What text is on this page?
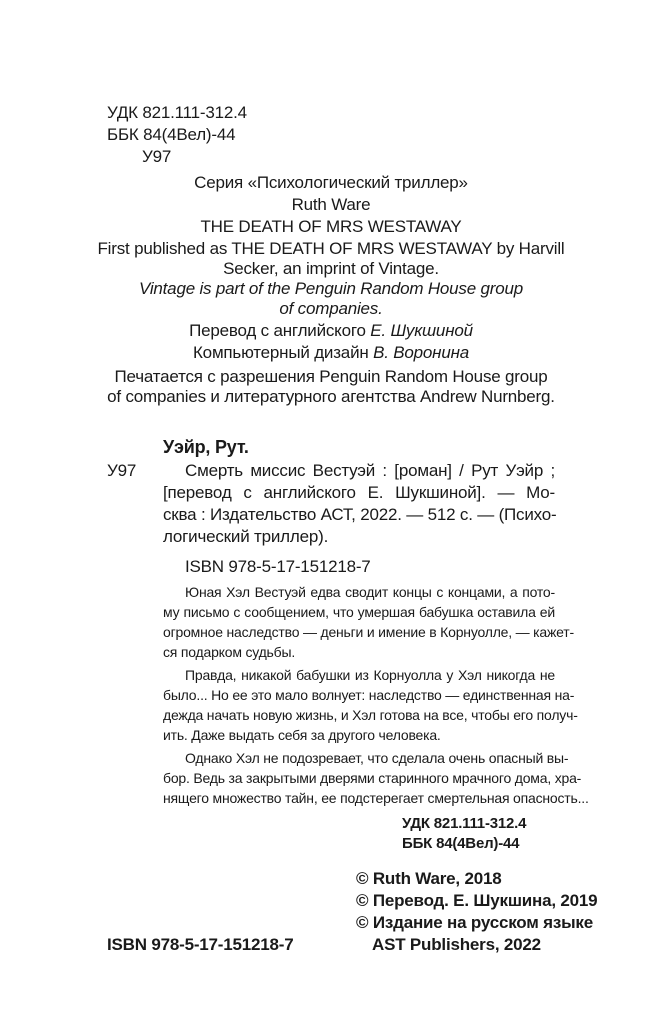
УДК 821.111-312.4
ББК 84(4Вел)-44
У97
Серия «Психологический триллер»
Ruth Ware
THE DEATH OF MRS WESTAWAY
First published as THE DEATH OF MRS WESTAWAY by Harvill
Secker, an imprint of Vintage.
Vintage is part of the Penguin Random House group
of companies.
Перевод с английского Е. Шукшиной
Компьютерный дизайн В. Воронина
Печатается с разрешения Penguin Random House group
of companies и литературного агентства Andrew Nurnberg.
Уэйр, Рут.
У97	Смерть миссис Вестуэй : [роман] / Рут Уэйр ;
[перевод с английского Е. Шукшиной]. — Мо-
сква : Издательство АСТ, 2022. — 512 с. — (Психо-
логический триллер).
ISBN 978-5-17-151218-7
Юная Хэл Вестуэй едва сводит концы с концами, а пото-
му письмо с сообщением, что умершая бабушка оставила ей
огромное наследство — деньги и имение в Корнуолле, — кажет-
ся подарком судьбы.
Правда, никакой бабушки из Корнуолла у Хэл никогда не
было... Но ее это мало волнует: наследство — единственная на-
дежда начать новую жизнь, и Хэл готова на все, чтобы его получ-
ить. Даже выдать себя за другого человека.
Однако Хэл не подозревает, что сделала очень опасный вы-
бор. Ведь за закрытыми дверями старинного мрачного дома, хра-
нящего множество тайн, ее подстерегает смертельная опасность...
УДК 821.111-312.4
ББК 84(4Вел)-44
© Ruth Ware, 2018
© Перевод. Е. Шукшина, 2019
© Издание на русском языке
AST Publishers, 2022
ISBN 978-5-17-151218-7
